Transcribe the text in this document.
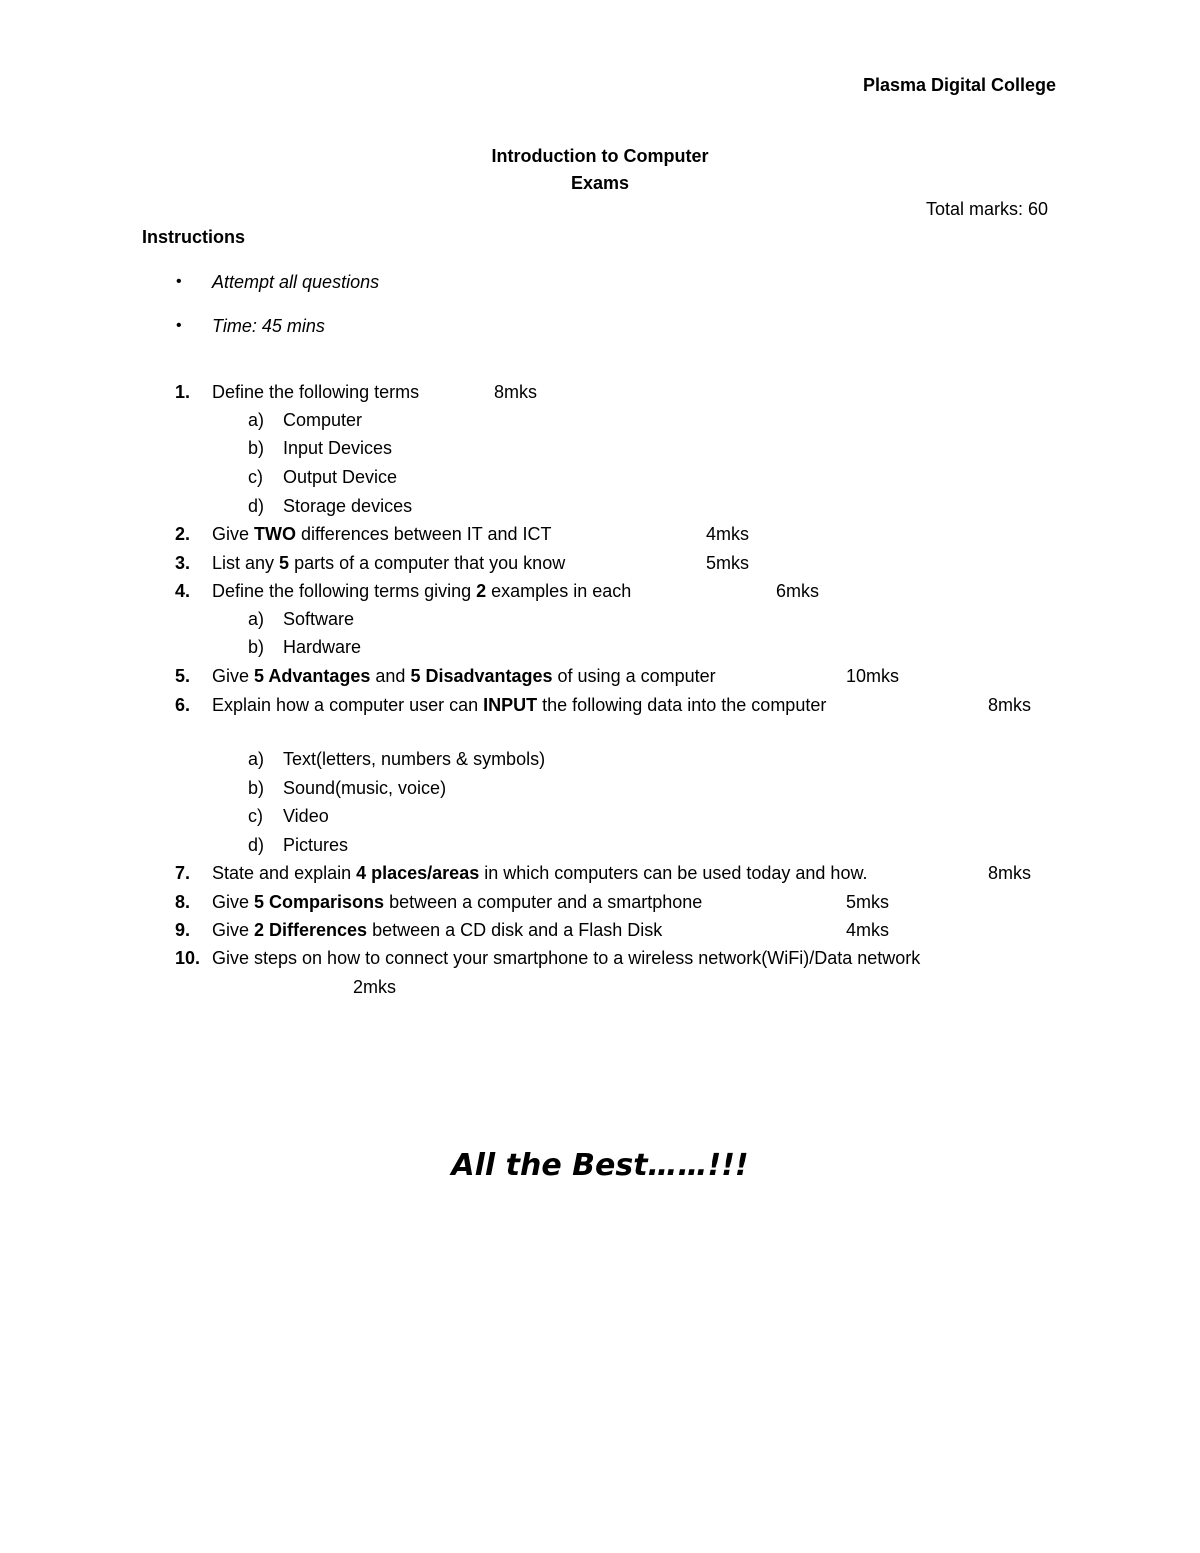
Plasma Digital College
Introduction to Computer
Exams
Total marks: 60
Instructions
• Attempt all questions
• Time: 45 mins
1. Define the following terms	8mks
a) Computer
b) Input Devices
c) Output Device
d) Storage devices
2. Give TWO differences between IT and ICT	4mks
3. List any 5 parts of a computer that you know	5mks
4. Define the following terms giving 2 examples in each	6mks
a) Software
b) Hardware
5. Give 5 Advantages and 5 Disadvantages of using a computer	10mks
6. Explain how a computer user can INPUT the following data into the computer	8mks
a) Text(letters, numbers & symbols)
b) Sound(music, voice)
c) Video
d) Pictures
7. State and explain 4 places/areas in which computers can be used today and how.	8mks
8. Give 5 Comparisons between a computer and a smartphone	5mks
9. Give 2 Differences between a CD disk and a Flash Disk	4mks
10. Give steps on how to connect your smartphone to a wireless network(WiFi)/Data network
2mks
All the Best……!!!
